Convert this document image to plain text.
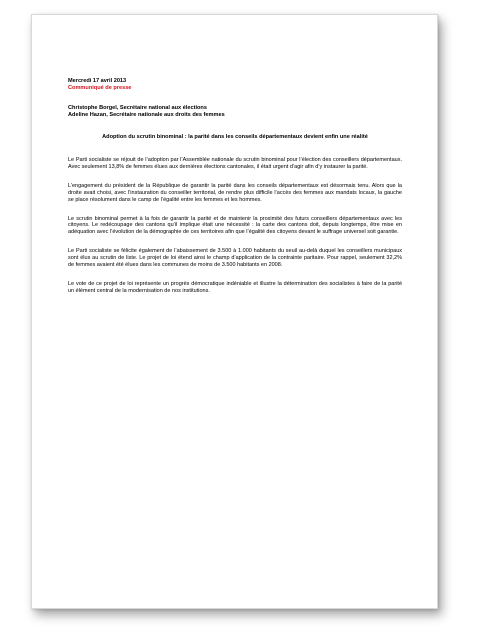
Mercredi 17 avril 2013

Communiqué de presse

Christophe Borgel, Secrétaire national aux élections

Adeline Hazan, Secrétaire nationale aux droits des femmes

Adoption du scrutin binominal : la parité dans les conseils départementaux devient enfin une réalité

Le Parti socialiste se réjouit de l’adoption par l’Assemblée nationale du scrutin binominal pour l’élection des conseillers départementaux. Avec seulement 13,8% de femmes élues aux dernières élections cantonales, il était urgent d’agir afin d’y instaurer la parité.

L’engagement du président de la République de garantir la parité dans les conseils départementaux est désormais tenu. Alors que la droite avait choisi, avec l’instauration du conseiller territorial, de rendre plus difficile l’accès des femmes aux mandats locaux, la gauche se place résolument dans le camp de l’égalité entre les femmes et les hommes.

Le scrutin binominal permet à la fois de garantir la parité et de maintenir la proximité des futurs conseillers départementaux avec les citoyens. Le redécoupage des cantons qu’il implique était une nécessité : la carte des cantons doit, depuis longtemps, être mise en adéquation avec l’évolution de la démographie de ces territoires afin que l’égalité des citoyens devant le suffrage universel soit garantie.

Le Parti socialiste se félicite également de l’abaissement de 3.500 à 1.000 habitants du seuil au-delà duquel les conseillers municipaux sont élus au scrutin de liste. Le projet de loi étend ainsi le champ d’application de la contrainte paritaire. Pour rappel, seulement 32,2% de femmes avaient été élues dans les communes de moins de 3.500 habitants en 2008.

Le vote de ce projet de loi représente un progrès démocratique indéniable et illustre la détermination des socialistes à faire de la parité un élément central de la modernisation de nos institutions.
